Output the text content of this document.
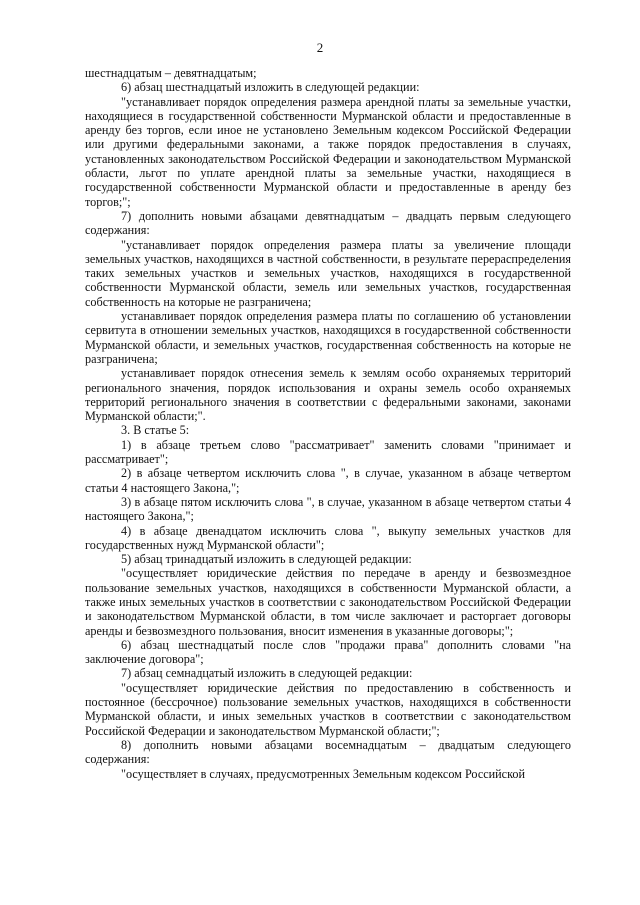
2

шестнадцатым – девятнадцатым;

6) абзац шестнадцатый изложить в следующей редакции:

"устанавливает порядок определения размера арендной платы за земельные участки, находящиеся в государственной собственности Мурманской области и предоставленные в аренду без торгов, если иное не установлено Земельным кодексом Российской Федерации или другими федеральными законами, а также порядок предоставления в случаях, установленных законодательством Российской Федерации и законодательством Мурманской области, льгот по уплате арендной платы за земельные участки, находящиеся в государственной собственности Мурманской области и предоставленные в аренду без торгов;";

7) дополнить новыми абзацами девятнадцатым – двадцать первым следующего содержания:

"устанавливает порядок определения размера платы за увеличение площади земельных участков, находящихся в частной собственности, в результате перераспределения таких земельных участков и земельных участков, находящихся в государственной собственности Мурманской области, земель или земельных участков, государственная собственность на которые не разграничена;

устанавливает порядок определения размера платы по соглашению об установлении сервитута в отношении земельных участков, находящихся в государственной собственности Мурманской области, и земельных участков, государственная собственность на которые не разграничена;

устанавливает порядок отнесения земель к землям особо охраняемых территорий регионального значения, порядок использования и охраны земель особо охраняемых территорий регионального значения в соответствии с федеральными законами, законами Мурманской области;".

3. В статье 5:

1) в абзаце третьем слово "рассматривает" заменить словами "принимает и рассматривает";

2) в абзаце четвертом исключить слова ", в случае, указанном в абзаце четвертом статьи 4 настоящего Закона,";

3) в абзаце пятом исключить слова ", в случае, указанном в абзаце четвертом статьи 4 настоящего Закона,";

4) в абзаце двенадцатом исключить слова ", выкупу земельных участков для государственных нужд Мурманской области";

5) абзац тринадцатый изложить в следующей редакции:

"осуществляет юридические действия по передаче в аренду и безвозмездное пользование земельных участков, находящихся в собственности Мурманской области, а также иных земельных участков в соответствии с законодательством Российской Федерации и законодательством Мурманской области, в том числе заключает и расторгает договоры аренды и безвозмездного пользования, вносит изменения в указанные договоры;";

6) абзац шестнадцатый после слов "продажи права" дополнить словами "на заключение договора";

7) абзац семнадцатый изложить в следующей редакции:

"осуществляет юридические действия по предоставлению в собственность и постоянное (бессрочное) пользование земельных участков, находящихся в собственности Мурманской области, и иных земельных участков в соответствии с законодательством Российской Федерации и законодательством Мурманской области;";

8) дополнить новыми абзацами восемнадцатым – двадцатым следующего содержания:

"осуществляет в случаях, предусмотренных Земельным кодексом Российской
